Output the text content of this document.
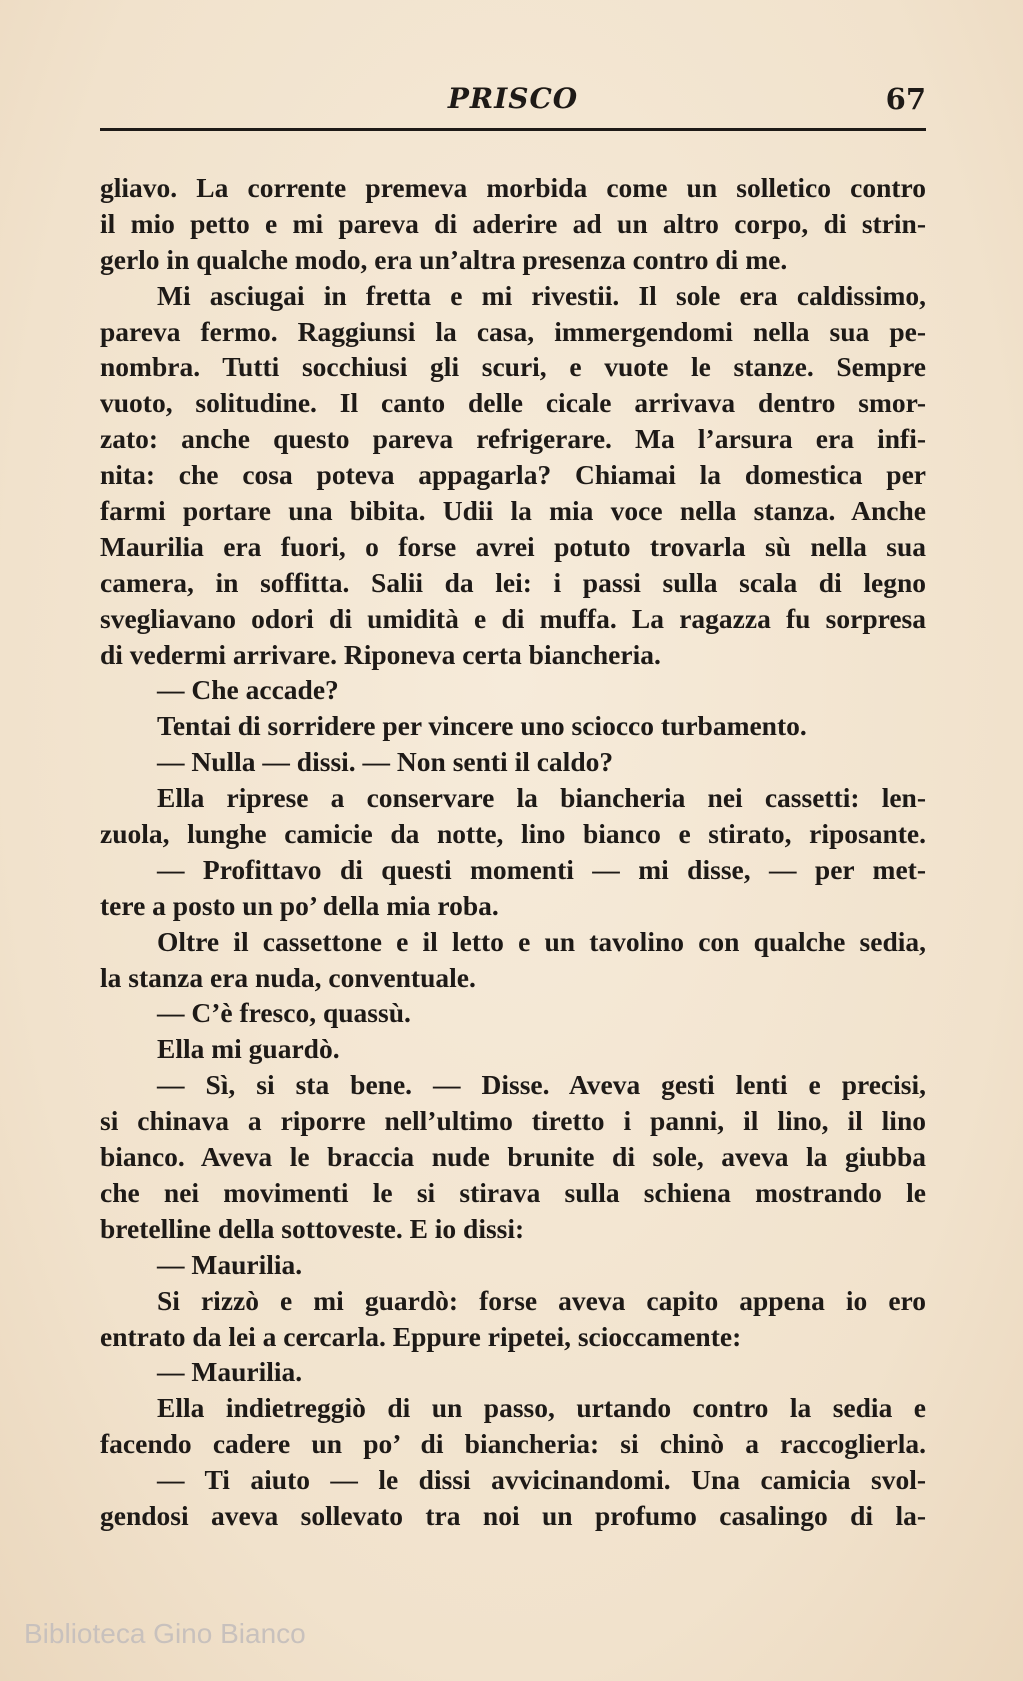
PRISCO	67
gliavo. La corrente premeva morbida come un solletico contro
il mio petto e mi pareva di aderire ad un altro corpo, di strin-
gerlo in qualche modo, era un’altra presenza contro di me.
Mi asciugai in fretta e mi rivestii. Il sole era caldissimo,
pareva fermo. Raggiunsi la casa, immergendomi nella sua pe-
nombra. Tutti socchiusi gli scuri, e vuote le stanze. Sempre
vuoto, solitudine. Il canto delle cicale arrivava dentro smor-
zato: anche questo pareva refrigerare. Ma l’arsura era infi-
nita: che cosa poteva appagarla? Chiamai la domestica per
farmi portare una bibita. Udii la mia voce nella stanza. Anche
Maurilia era fuori, o forse avrei potuto trovarla sù nella sua
camera, in soffitta. Salii da lei: i passi sulla scala di legno
svegliavano odori di umidità e di muffa. La ragazza fu sorpresa
di vedermi arrivare. Riponeva certa biancheria.
— Che accade?
Tentai di sorridere per vincere uno sciocco turbamento.
— Nulla — dissi. — Non senti il caldo?
Ella riprese a conservare la biancheria nei cassetti: len-
zuola, lunghe camicie da notte, lino bianco e stirato, riposante.
— Profittavo di questi momenti — mi disse, — per met-
tere a posto un po’ della mia roba.
Oltre il cassettone e il letto e un tavolino con qualche sedia,
la stanza era nuda, conventuale.
— C’è fresco, quassù.
Ella mi guardò.
— Sì, si sta bene. — Disse. Aveva gesti lenti e precisi,
si chinava a riporre nell’ultimo tiretto i panni, il lino, il lino
bianco. Aveva le braccia nude brunite di sole, aveva la giubba
che nei movimenti le si stirava sulla schiena mostrando le
bretelline della sottoveste. E io dissi:
— Maurilia.
Si rizzò e mi guardò: forse aveva capito appena io ero
entrato da lei a cercarla. Eppure ripetei, scioccamente:
— Maurilia.
Ella indietreggiò di un passo, urtando contro la sedia e
facendo cadere un po’ di biancheria: si chinò a raccoglierla.
— Ti aiuto — le dissi avvicinandomi. Una camicia svol-
gendosi aveva sollevato tra noi un profumo casalingo di la-
Biblioteca Gino Bianco
